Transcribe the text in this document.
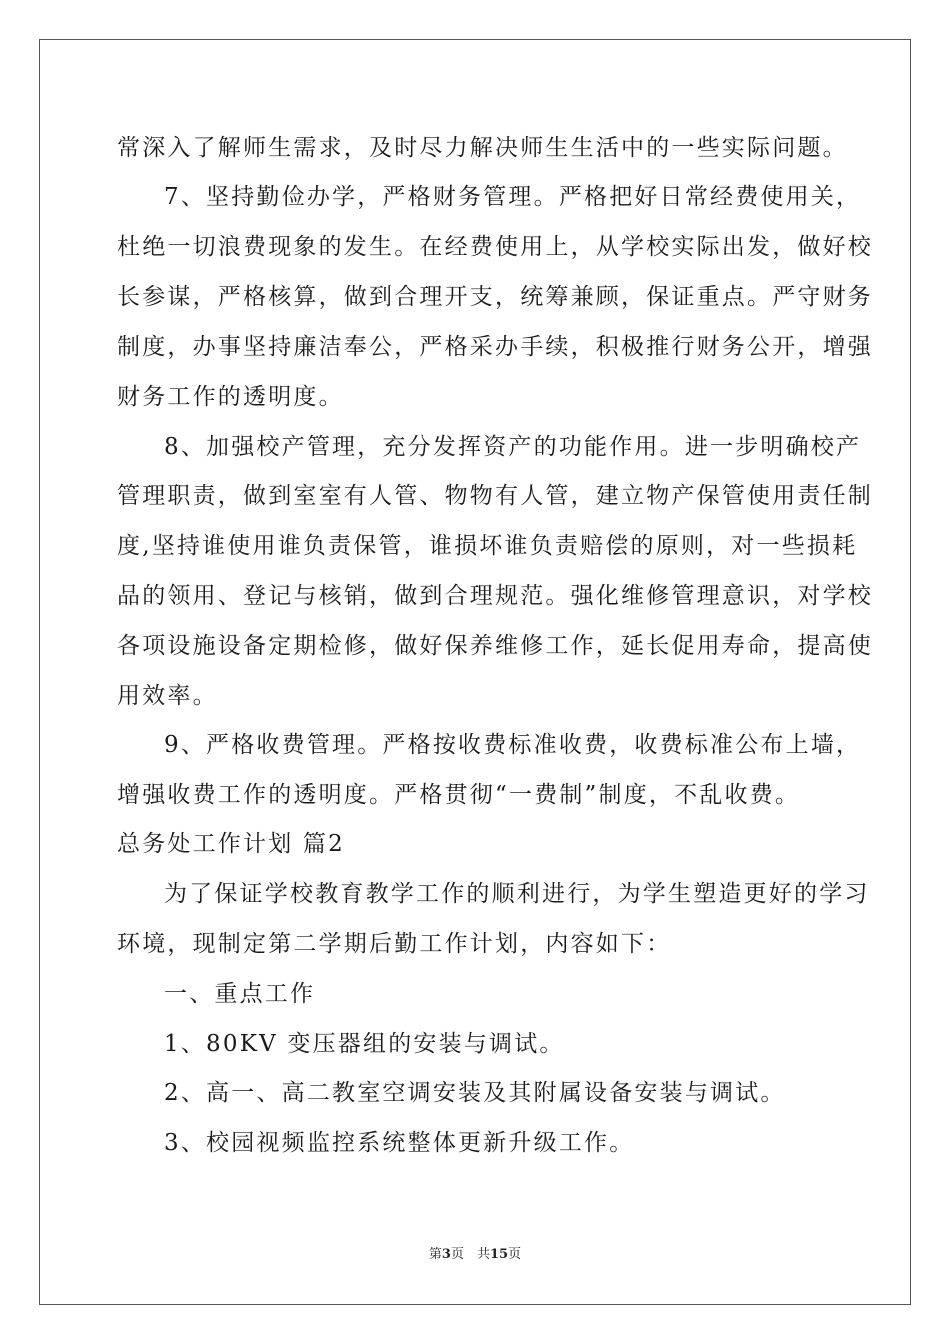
常深入了解师生需求，及时尽力解决师生生活中的一些实际问题。
7、坚持勤俭办学，严格财务管理。严格把好日常经费使用关，
杜绝一切浪费现象的发生。在经费使用上，从学校实际出发，做好校
长参谋，严格核算，做到合理开支，统筹兼顾，保证重点。严守财务
制度，办事坚持廉洁奉公，严格采办手续，积极推行财务公开，增强
财务工作的透明度。
8、加强校产管理，充分发挥资产的功能作用。进一步明确校产
管理职责，做到室室有人管、物物有人管，建立物产保管使用责任制
度,坚持谁使用谁负责保管，谁损坏谁负责赔偿的原则，对一些损耗
品的领用、登记与核销，做到合理规范。强化维修管理意识，对学校
各项设施设备定期检修，做好保养维修工作，延长促用寿命，提高使
用效率。
9、严格收费管理。严格按收费标准收费，收费标准公布上墙，
增强收费工作的透明度。严格贯彻“一费制”制度，不乱收费。
总务处工作计划 篇2
为了保证学校教育教学工作的顺利进行，为学生塑造更好的学习
环境，现制定第二学期后勤工作计划，内容如下：
一、重点工作
1、80KV 变压器组的安装与调试。
2、高一、高二教室空调安装及其附属设备安装与调试。
3、校园视频监控系统整体更新升级工作。
第3页　共15页
